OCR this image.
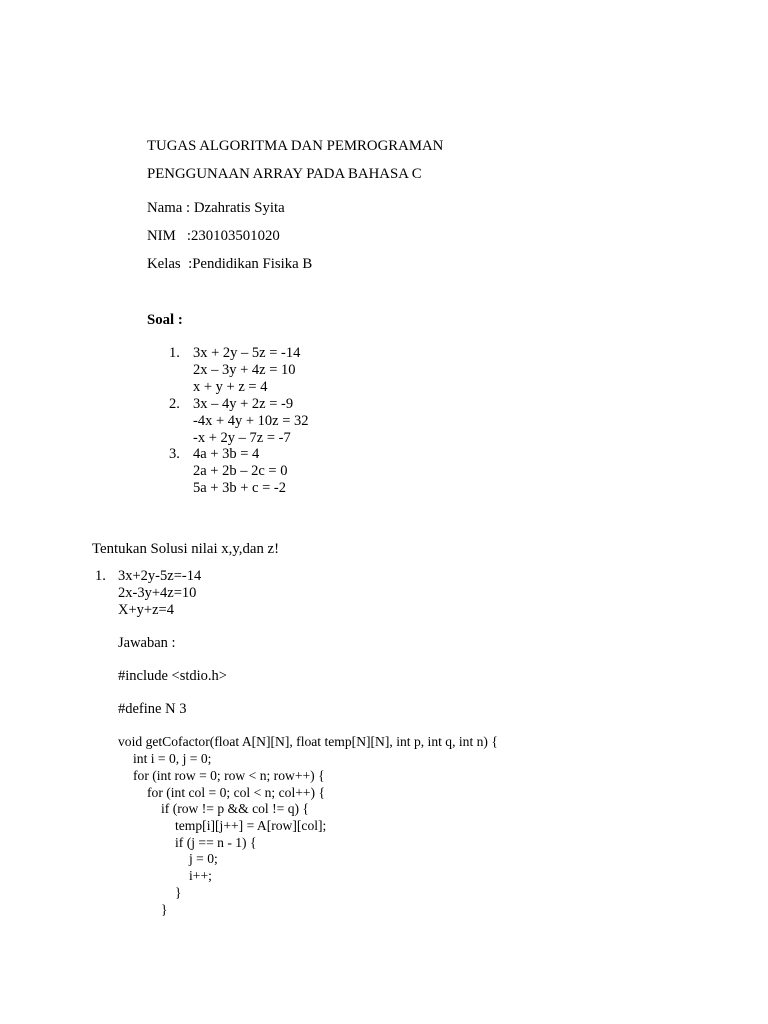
TUGAS ALGORITMA DAN PEMROGRAMAN
PENGGUNAAN ARRAY PADA BAHASA C
Nama : Dzahratis Syita
NIM   :230103501020
Kelas  :Pendidikan Fisika B
Soal :
1. 3x + 2y – 5z = -14
2x – 3y + 4z = 10
x + y + z = 4
2. 3x – 4y + 2z = -9
-4x + 4y + 10z = 32
-x + 2y – 7z = -7
3. 4a + 3b = 4
2a + 2b – 2c = 0
5a + 3b + c = -2
Tentukan Solusi nilai x,y,dan z!
1. 3x+2y-5z=-14
2x-3y+4z=10
X+y+z=4
Jawaban :
#include <stdio.h>
#define N 3
void getCofactor(float A[N][N], float temp[N][N], int p, int q, int n) {
int i = 0, j = 0;
for (int row = 0; row < n; row++) {
for (int col = 0; col < n; col++) {
if (row != p && col != q) {
temp[i][j++] = A[row][col];
if (j == n - 1) {
j = 0;
i++;
}
}
